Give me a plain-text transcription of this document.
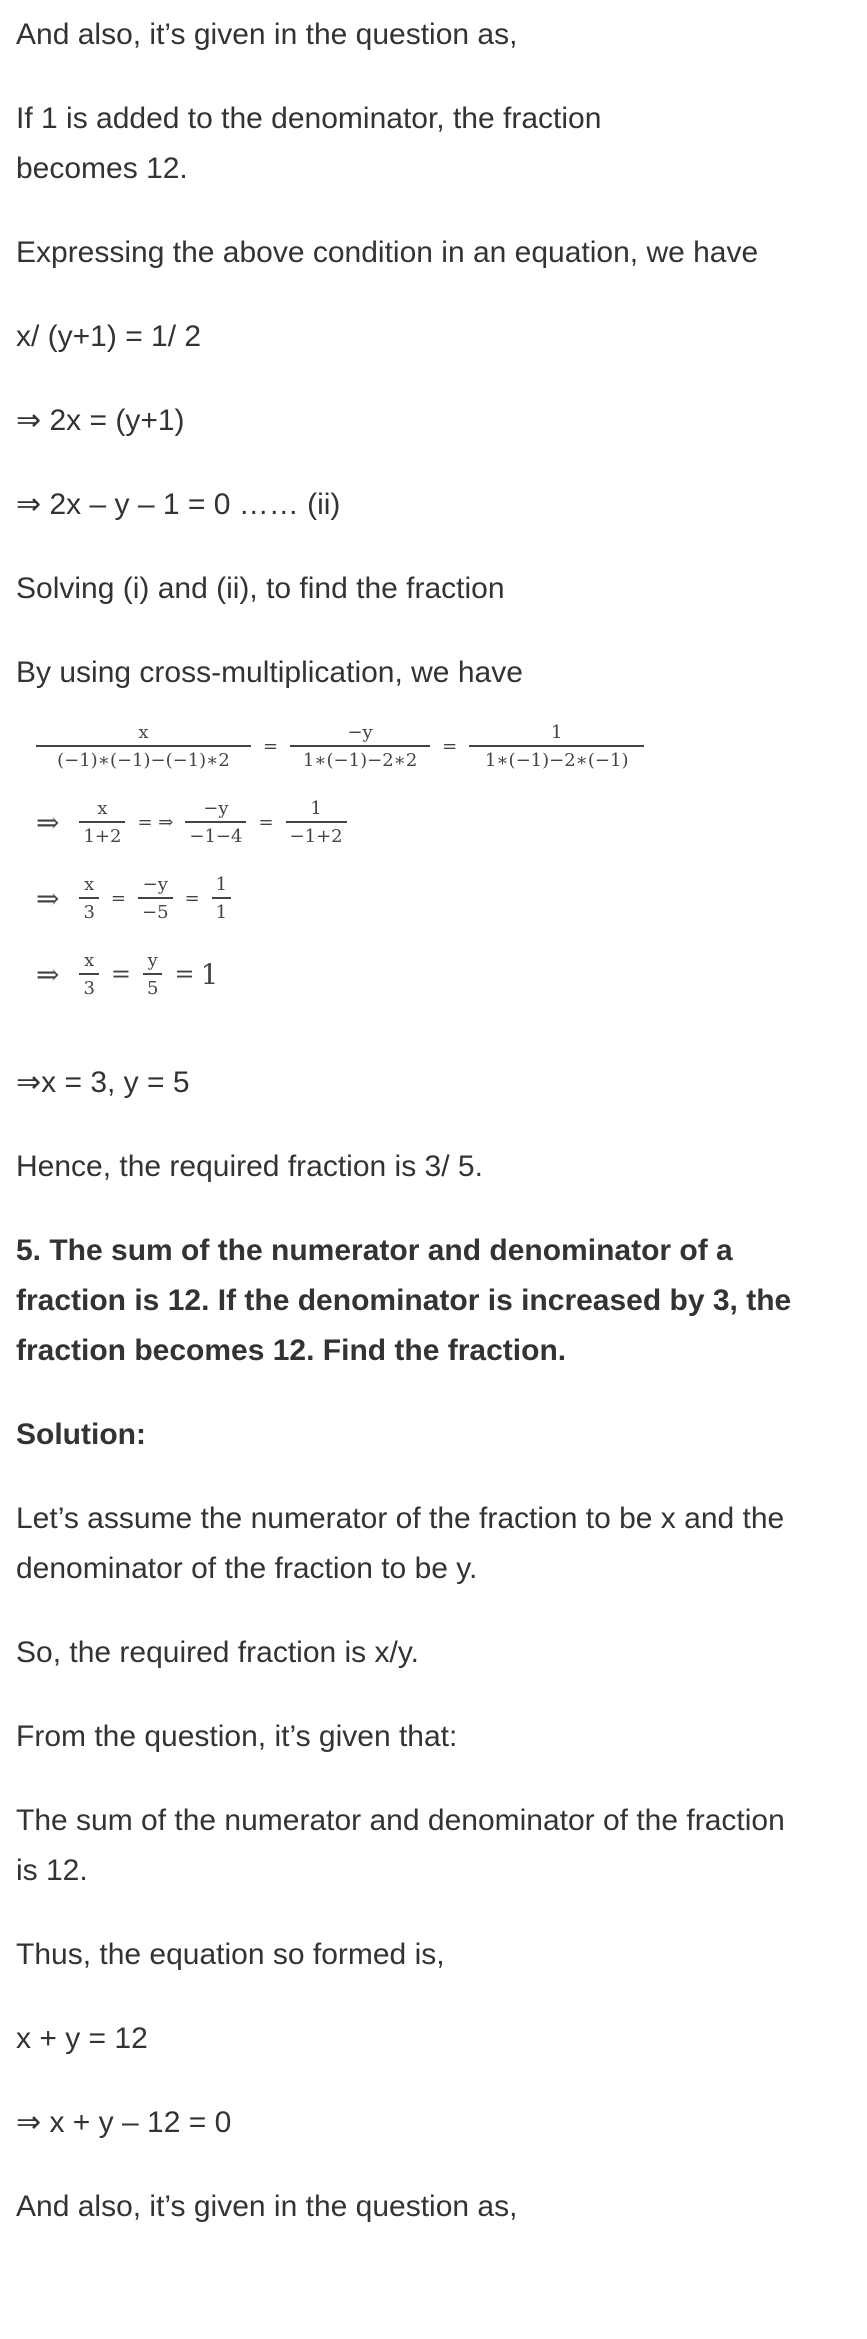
And also, it’s given in the question as,

If 1 is added to the denominator, the fraction becomes 12.

Expressing the above condition in an equation, we have

x/ (y+1) = 1/ 2

⇒ 2x = (y+1)

⇒ 2x – y – 1 = 0 …… (ii)

Solving (i) and (ii), to find the fraction

By using cross-multiplication, we have

$\frac{x}{(-1)∗(-1)-(-1)∗2} = \frac{-y}{1∗(-1)-2∗2} = \frac{1}{1∗(-1)-2∗(-1)}$
⇒ $\frac{x}{1+2}$ = ⇒ $\frac{-y}{-1-4} = \frac{1}{-1+2}$
⇒ $\frac{x}{3} = \frac{-y}{-5} = \frac{1}{1}$
⇒ $\frac{x}{3} = \frac{y}{5} = 1$

⇒x = 3, y = 5

Hence, the required fraction is 3/ 5.

5. The sum of the numerator and denominator of a fraction is 12. If the denominator is increased by 3, the fraction becomes 12. Find the fraction.

Solution:

Let’s assume the numerator of the fraction to be x and the denominator of the fraction to be y.

So, the required fraction is x/y.

From the question, it’s given that:

The sum of the numerator and denominator of the fraction is 12.

Thus, the equation so formed is,

x + y = 12

⇒ x + y – 12 = 0

And also, it’s given in the question as,
